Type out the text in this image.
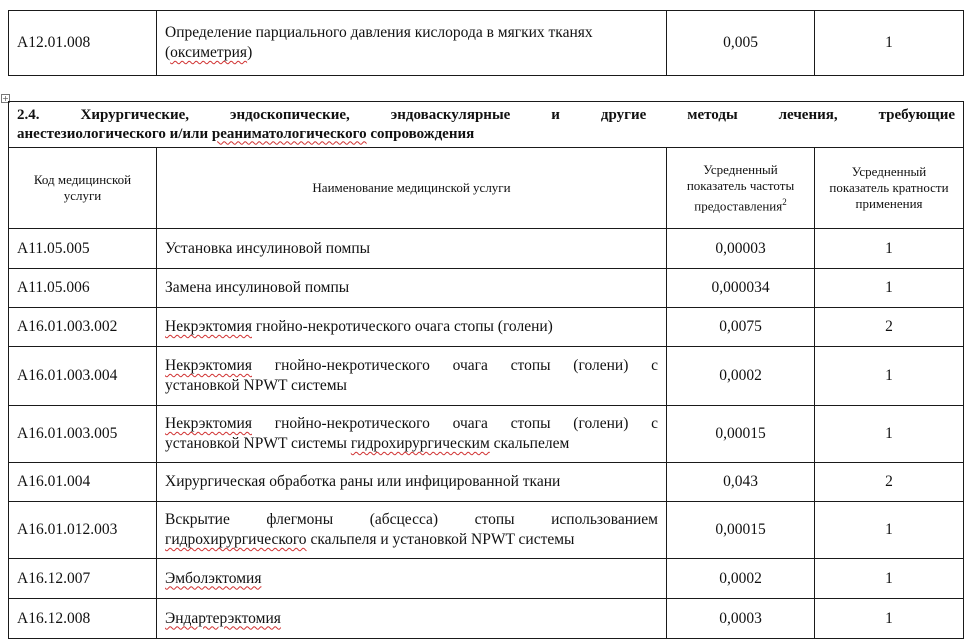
A12.01.008	Определение парциального давления кислорода в мягких тканях (оксиметрия)	0,005	1
+
2.4. Хирургические, эндоскопические, эндоваскулярные и другие методы лечения, требующие
анестезиологического и/или реаниматологического сопровождения			

Код медицинской услуги	Наименование медицинской услуги	Усредненный показатель частоты предоставления$^2$	Усредненный показатель кратности применения
A11.05.005	Установка инсулиновой помпы	0,00003	1
A11.05.006	Замена инсулиновой помпы	0,000034	1
A16.01.003.002	Некрэктомия гнойно-некротического очага стопы (голени)	0,0075	2
A16.01.003.004	Некрэктомия гнойно-некротического очага стопы (голени) с
установкой NPWT системы	0,0002	1
A16.01.003.005	Некрэктомия гнойно-некротического очага стопы (голени) с
установкой NPWT системы гидрохирургическим скальпелем	0,00015	1
A16.01.004	Хирургическая обработка раны или инфицированной ткани	0,043	2
A16.01.012.003	Вскрытие флегмоны (абсцесса) стопы использованием
гидрохирургического скальпеля и установкой NPWT системы	0,00015	1
A16.12.007	Эмболэктомия	0,0002	1
A16.12.008	Эндартерэктомия	0,0003	1
